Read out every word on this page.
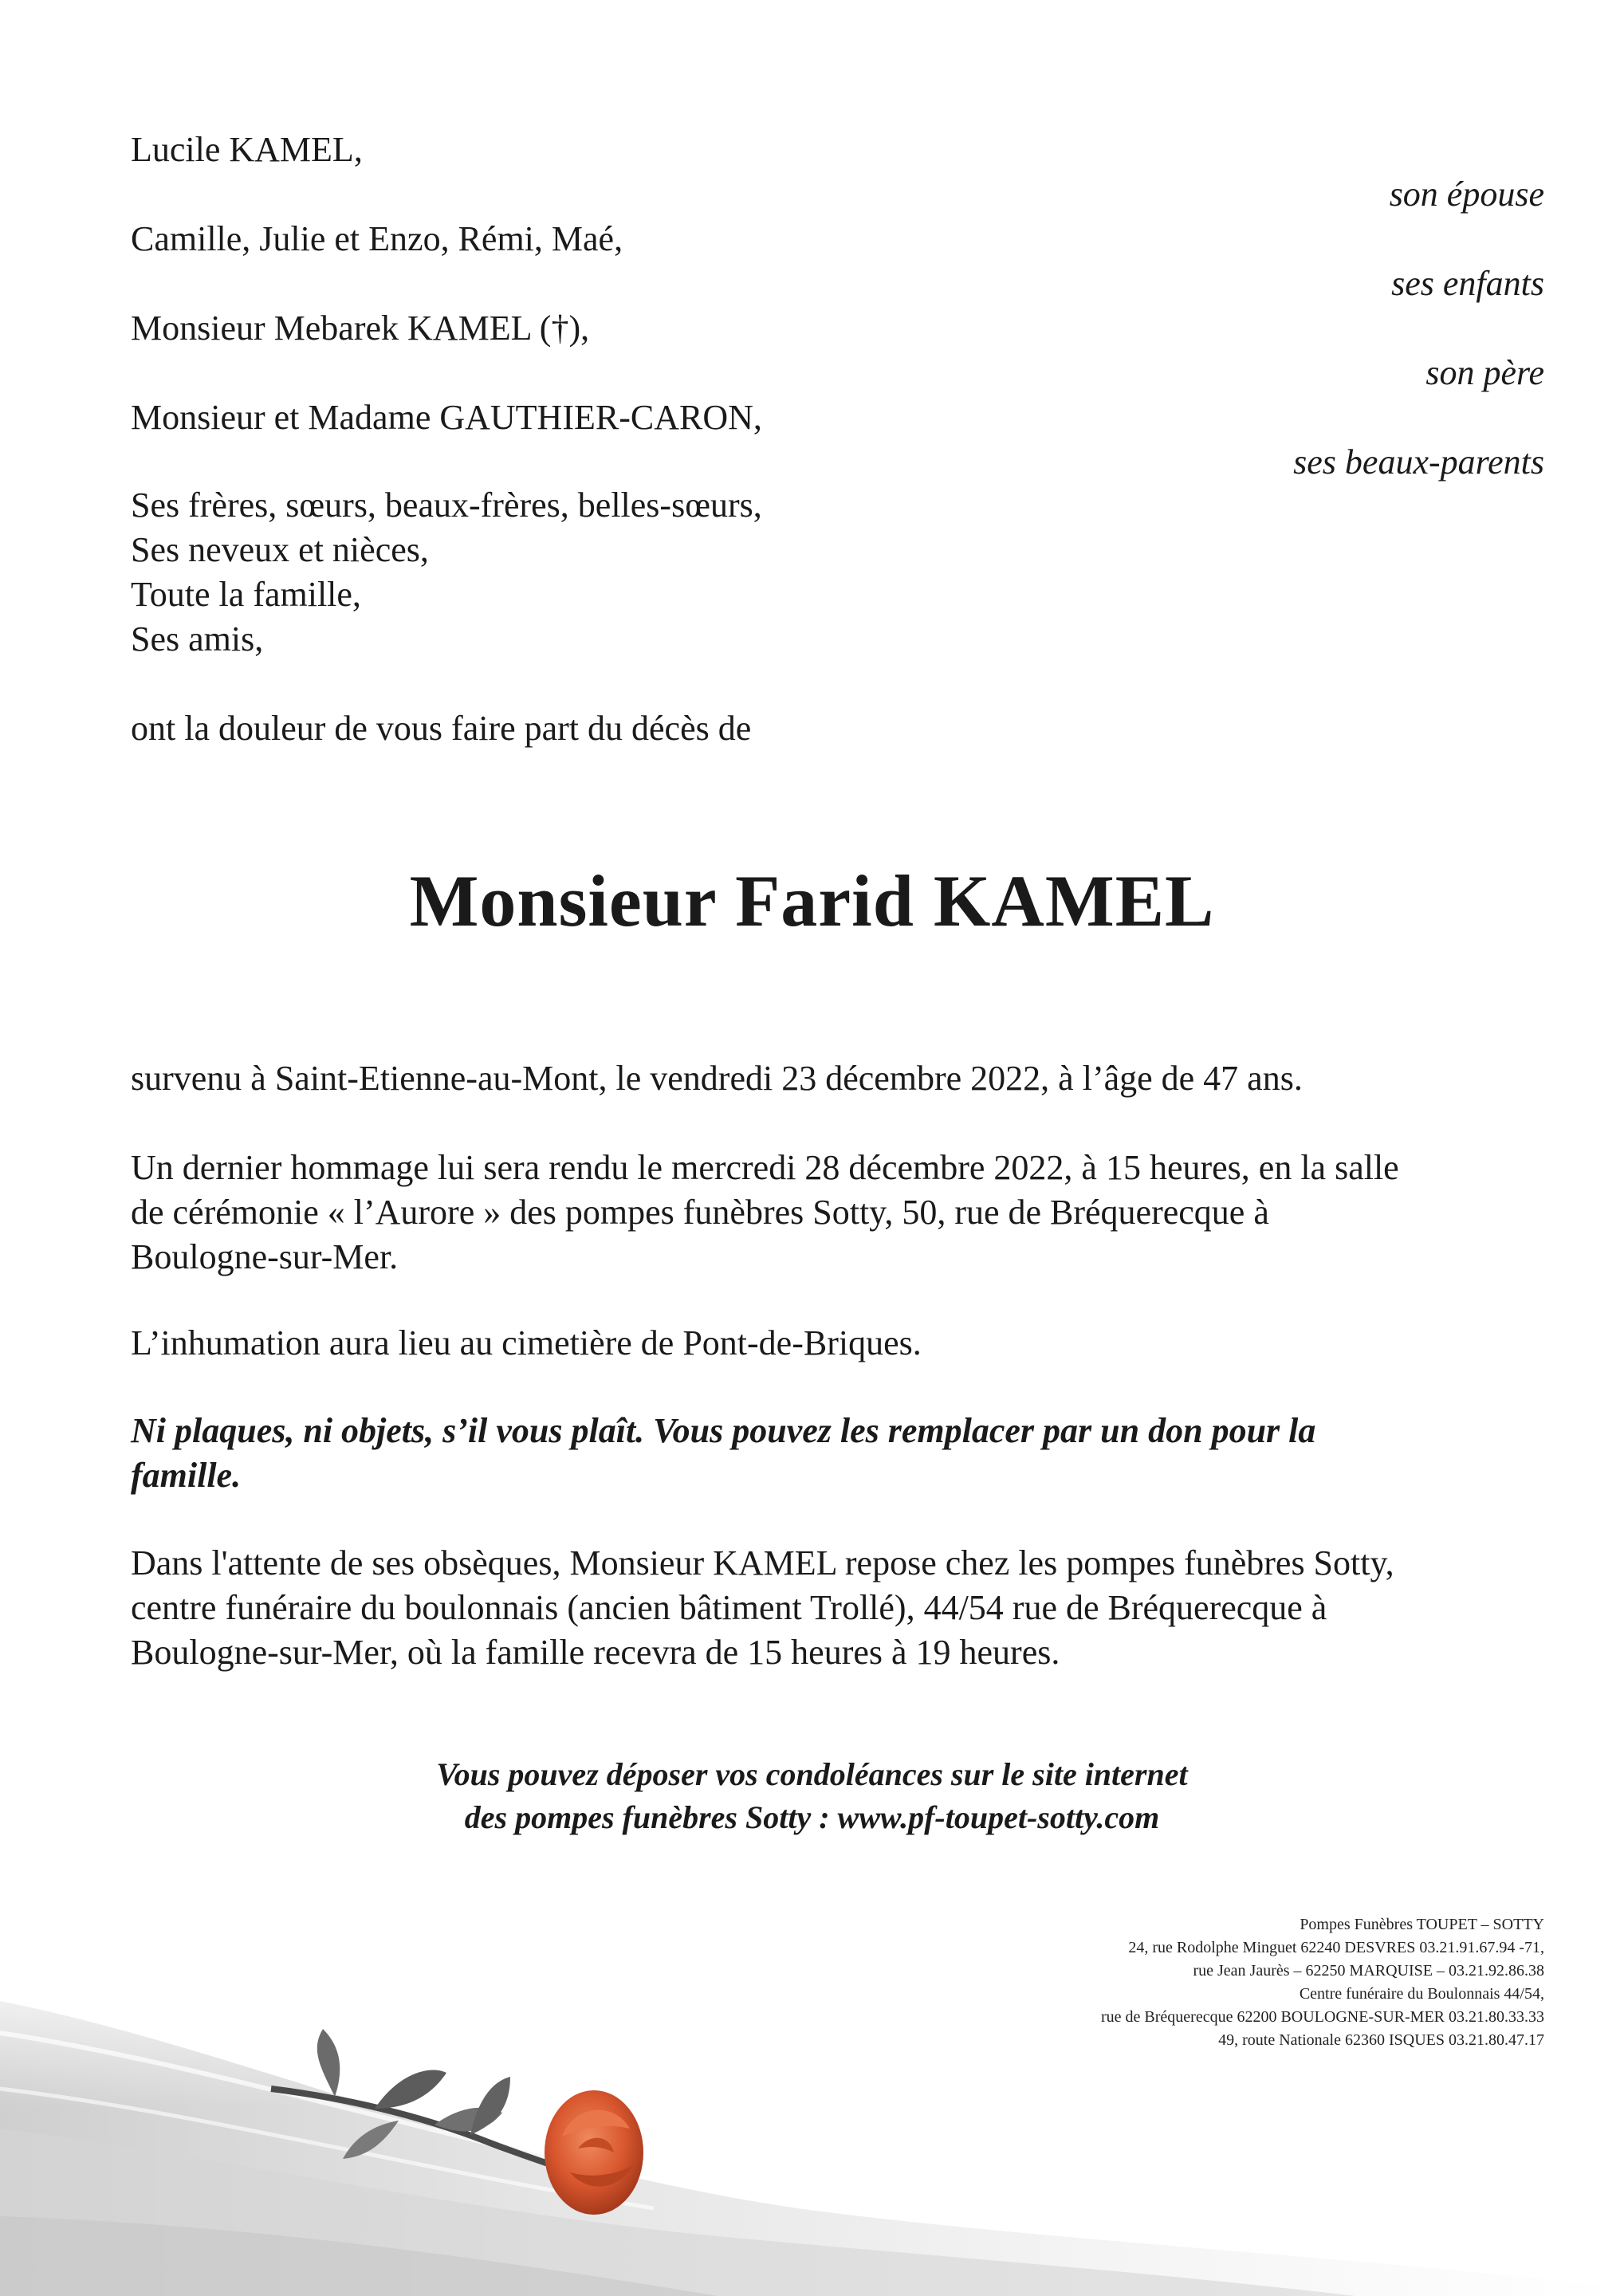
Lucile KAMEL,
Camille, Julie et Enzo, Rémi, Maé,
Monsieur Mebarek KAMEL (†),
Monsieur et Madame GAUTHIER-CARON,
son épouse
ses enfants
son père
ses beaux-parents
Ses frères, sœurs, beaux-frères, belles-sœurs,
Ses neveux et nièces,
Toute la famille,
Ses amis,
ont la douleur de vous faire part du décès de
Monsieur Farid KAMEL
survenu à Saint-Etienne-au-Mont, le vendredi 23 décembre 2022, à l’âge de 47 ans.
Un dernier hommage lui sera rendu le mercredi 28 décembre 2022, à 15 heures, en la salle
de cérémonie « l’Aurore » des pompes funèbres Sotty, 50, rue de Bréquerecque à
Boulogne-sur-Mer.
L’inhumation aura lieu au cimetière de Pont-de-Briques.
Ni plaques, ni objets, s’il vous plaît. Vous pouvez les remplacer par un don pour la
famille.
Dans l'attente de ses obsèques, Monsieur KAMEL repose chez les pompes funèbres Sotty,
centre funéraire du boulonnais (ancien bâtiment Trollé), 44/54 rue de Bréquerecque à
Boulogne-sur-Mer, où la famille recevra de 15 heures à 19 heures.
Vous pouvez déposer vos condoléances sur le site internet
des pompes funèbres Sotty : www.pf-toupet-sotty.com
Pompes Funèbres TOUPET – SOTTY
24, rue Rodolphe Minguet 62240 DESVRES 03.21.91.67.94 -71,
rue Jean Jaurès – 62250 MARQUISE – 03.21.92.86.38
Centre funéraire du Boulonnais 44/54,
rue de Bréquerecque 62200 BOULOGNE-SUR-MER 03.21.80.33.33
49, route Nationale 62360 ISQUES 03.21.80.47.17
